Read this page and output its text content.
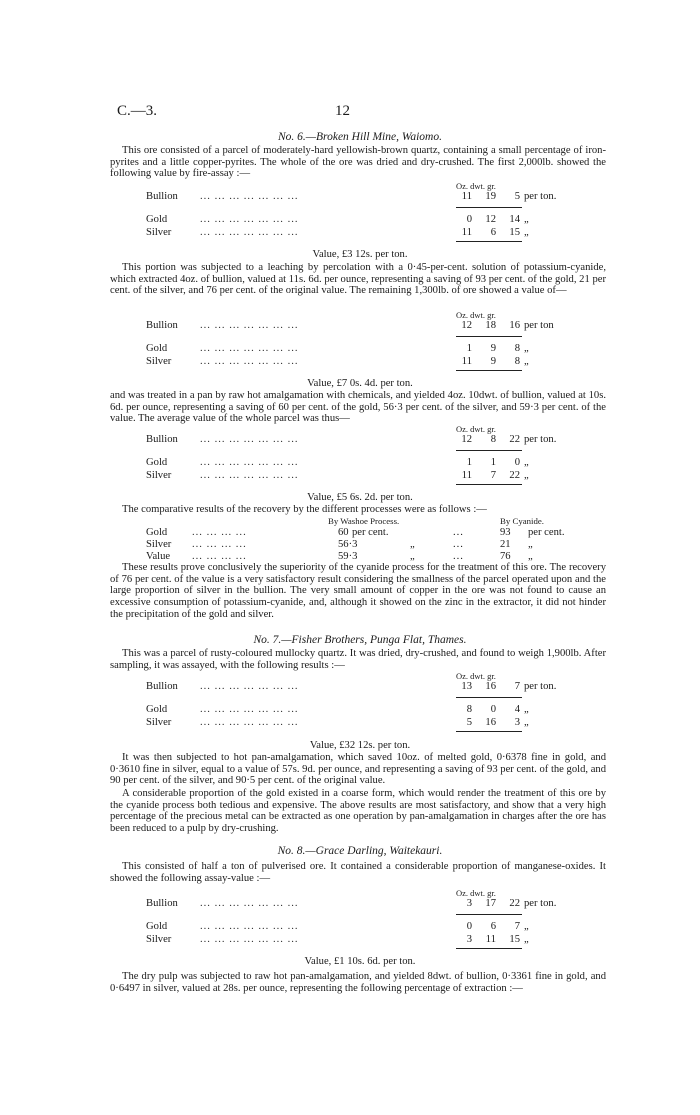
C.—3.	12
No. 6.—Broken Hill Mine, Waiomo.

This ore consisted of a parcel of moderately-hard yellowish-brown quartz, containing a small percentage of iron-pyrites and a little copper-pyrites. The whole of the ore was dried and dry-crushed. The first 2,000lb. showed the following value by fire-assay :—

Oz. dwt. gr.
Bullion ... ... ... ... ... ... ...	11	19	5 per ton.
Gold	... ... ... ... ... ... ...	0	12	14 „
Silver	... ... ... ... ... ... ...	11	6	15 „
Value, £3 12s. per ton.

This portion was subjected to a leaching by percolation with a 0·45-per-cent. solution of potassium-cyanide, which extracted 4oz. of bullion, valued at 11s. 6d. per ounce, representing a saving of 93 per cent. of the gold, 21 per cent. of the silver, and 76 per cent. of the original value. The remaining 1,300lb. of ore showed a value of—

Oz. dwt. gr.
Bullion ... ... ... ... ... ... ...	12	18	16 per ton
Gold	... ... ... ... ... ... ...	1	9	8 „
Silver	... ... ... ... ... ... ...	11	9	8 „
Value, £7 0s. 4d. per ton.

and was treated in a pan by raw hot amalgamation with chemicals, and yielded 4oz. 10dwt. of bullion, valued at 10s. 6d. per ounce, representing a saving of 60 per cent. of the gold, 56·3 per cent. of the silver, and 59·3 per cent. of the value. The average value of the whole parcel was thus—

Oz. dwt. gr.
Bullion ... ... ... ... ... ... ...	12	8	22 per ton.
Gold	... ... ... ... ... ... ...	1	1	0 „
Silver	... ... ... ... ... ... ...	11	7	22 „
Value, £5 6s. 2d. per ton.

The comparative results of the recovery by the different processes were as follows :—

By Washoe Process.	By Cyanide.
Gold ... ... ... ...	60 per cent.	...	93 per cent.
Silver ... ... ... ...	56·3	„	...	21 „
Value ... ... ... ...	59·3	„	...	76 „

These results prove conclusively the superiority of the cyanide process for the treatment of this ore. The recovery of 76 per cent. of the value is a very satisfactory result considering the smallness of the parcel operated upon and the large proportion of silver in the bullion. The very small amount of copper in the ore was not found to cause an excessive consumption of potassium-cyanide, and, although it showed on the zinc in the extractor, it did not hinder the precipitation of the gold and silver.

No. 7.—Fisher Brothers, Punga Flat, Thames.

This was a parcel of rusty-coloured mullocky quartz. It was dried, dry-crushed, and found to weigh 1,900lb. After sampling, it was assayed, with the following results :—

Oz. dwt. gr.
Bullion ... ... ... ... ... ... ...	13	16	7 per ton.
Gold	... ... ... ... ... ... ...	8	0	4 „
Silver	... ... ... ... ... ... ...	5	16	3 „
Value, £32 12s. per ton.

It was then subjected to hot pan-amalgamation, which saved 10oz. of melted gold, 0·6378 fine in gold, and 0·3610 fine in silver, equal to a value of 57s. 9d. per ounce, and representing a saving of 93 per cent. of the gold, and 90 per cent. of the silver, and 90·5 per cent. of the original value.

A considerable proportion of the gold existed in a coarse form, which would render the treatment of this ore by the cyanide process both tedious and expensive. The above results are most satisfactory, and show that a very high percentage of the precious metal can be extracted as one operation by pan-amalgamation in charges after the ore has been reduced to a pulp by dry-crushing.

No. 8.—Grace Darling, Waitekauri.

This consisted of half a ton of pulverised ore. It contained a considerable proportion of manganese-oxides. It showed the following assay-value :—

Oz. dwt. gr.
Bullion ... ... ... ... ... ... ...	3	17	22 per ton.
Gold	... ... ... ... ... ... ...	0	6	7 „
Silver	... ... ... ... ... ... ...	3	11	15 „
Value, £1 10s. 6d. per ton.

The dry pulp was subjected to raw hot pan-amalgamation, and yielded 8dwt. of bullion, 0·3361 fine in gold, and 0·6497 in silver, valued at 28s. per ounce, representing the following percentage of extraction :—
